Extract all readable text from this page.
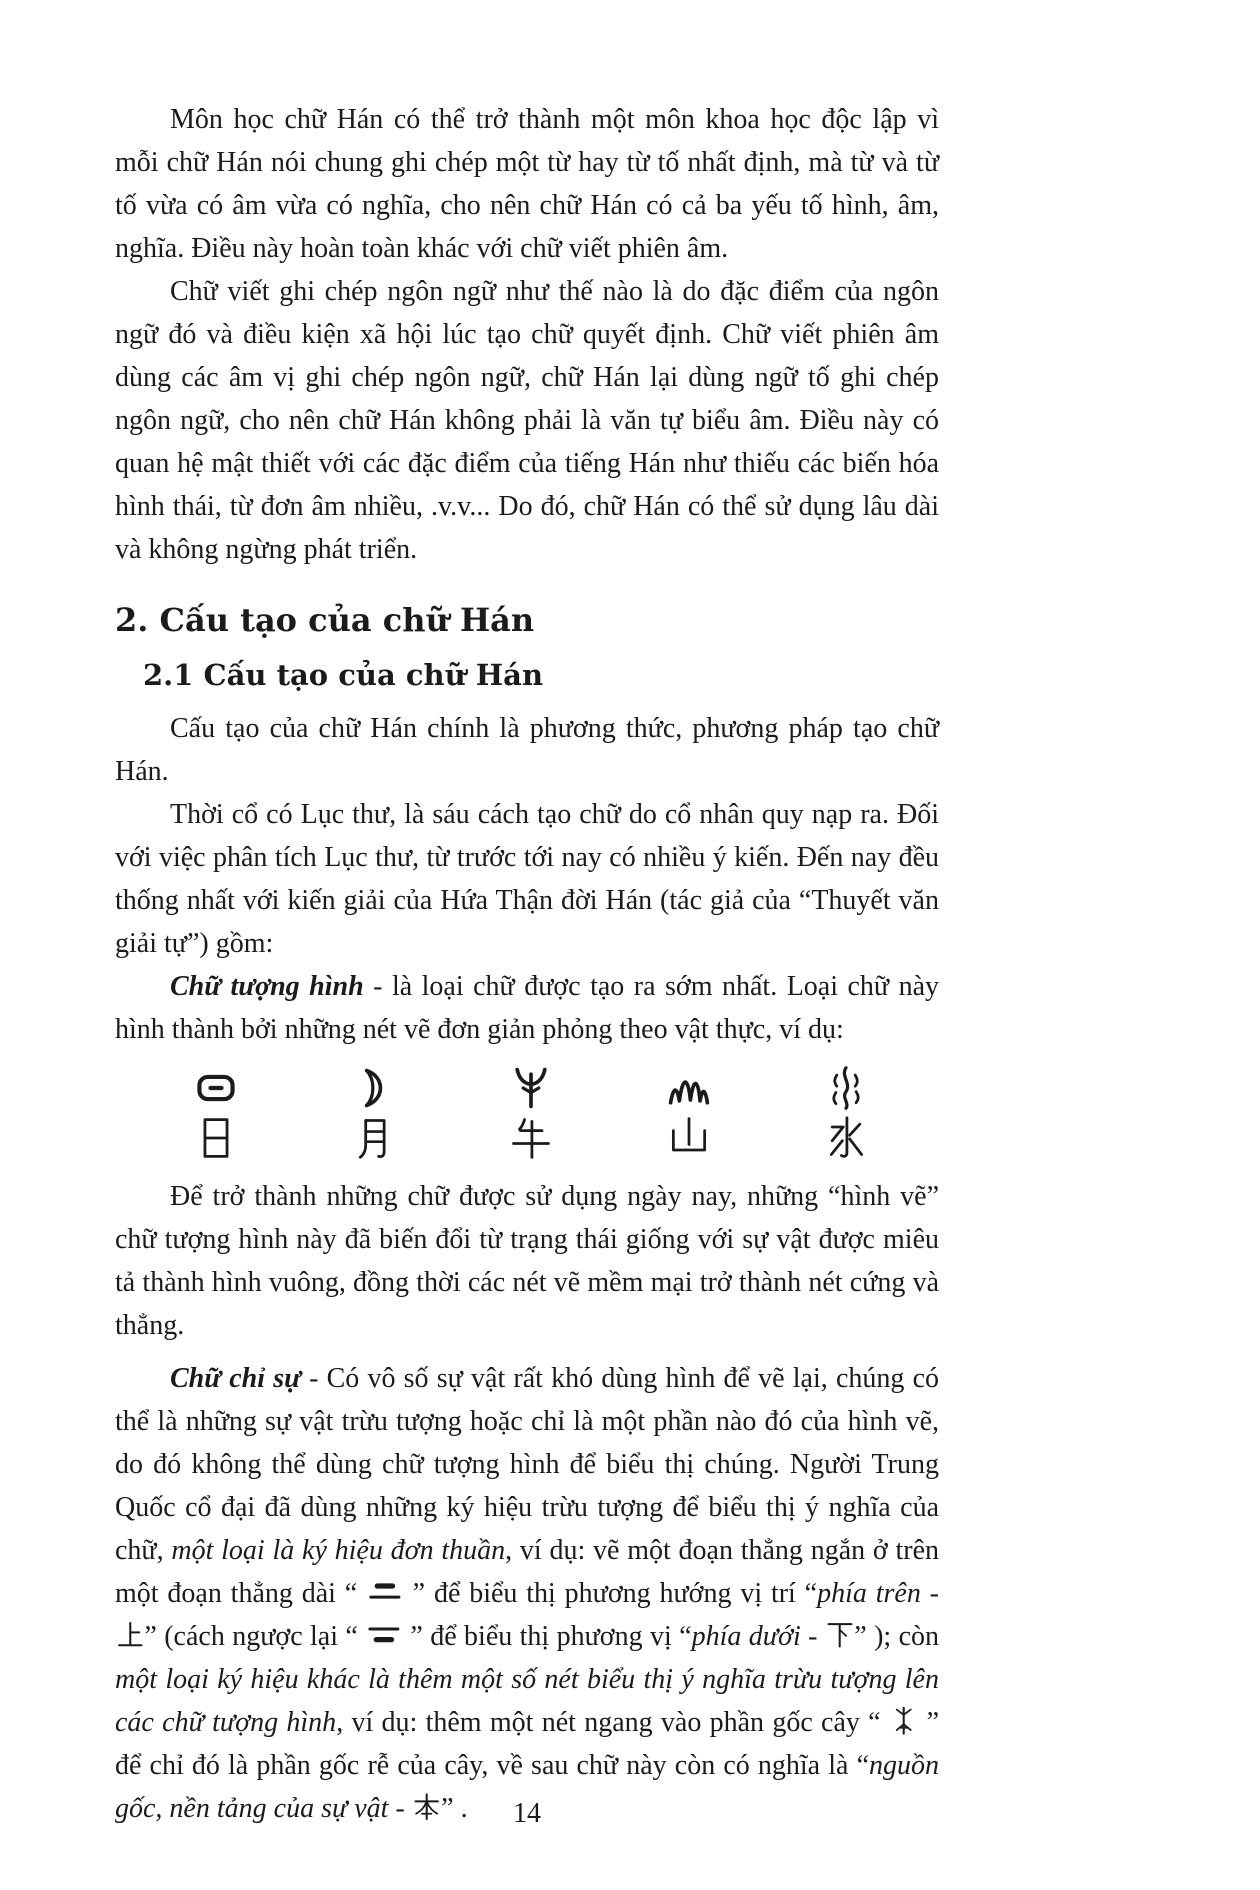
Môn học chữ Hán có thể trở thành một môn khoa học độc lập vì mỗi chữ Hán nói chung ghi chép một từ hay từ tố nhất định, mà từ và từ tố vừa có âm vừa có nghĩa, cho nên chữ Hán có cả ba yếu tố hình, âm, nghĩa. Điều này hoàn toàn khác với chữ viết phiên âm.

Chữ viết ghi chép ngôn ngữ như thế nào là do đặc điểm của ngôn ngữ đó và điều kiện xã hội lúc tạo chữ quyết định. Chữ viết phiên âm dùng các âm vị ghi chép ngôn ngữ, chữ Hán lại dùng ngữ tố ghi chép ngôn ngữ, cho nên chữ Hán không phải là văn tự biểu âm. Điều này có quan hệ mật thiết với các đặc điểm của tiếng Hán như thiếu các biến hóa hình thái, từ đơn âm nhiều, .v.v... Do đó, chữ Hán có thể sử dụng lâu dài và không ngừng phát triển.

2. Cấu tạo của chữ Hán
2.1 Cấu tạo của chữ Hán

Cấu tạo của chữ Hán chính là phương thức, phương pháp tạo chữ Hán.

Thời cổ có Lục thư, là sáu cách tạo chữ do cổ nhân quy nạp ra. Đối với việc phân tích Lục thư, từ trước tới nay có nhiều ý kiến. Đến nay đều thống nhất với kiến giải của Hứa Thận đời Hán (tác giả của “Thuyết văn giải tự”) gồm:

Chữ tượng hình - là loại chữ được tạo ra sớm nhất. Loại chữ này hình thành bởi những nét vẽ đơn giản phỏng theo vật thực, ví dụ:

Để trở thành những chữ được sử dụng ngày nay, những “hình vẽ” chữ tượng hình này đã biến đổi từ trạng thái giống với sự vật được miêu tả thành hình vuông, đồng thời các nét vẽ mềm mại trở thành nét cứng và thẳng.

Chữ chỉ sự - Có vô số sự vật rất khó dùng hình để vẽ lại, chúng có thể là những sự vật trừu tượng hoặc chỉ là một phần nào đó của hình vẽ, do đó không thể dùng chữ tượng hình để biểu thị chúng. Người Trung Quốc cổ đại đã dùng những ký hiệu trừu tượng để biểu thị ý nghĩa của chữ, một loại là ký hiệu đơn thuần, ví dụ: vẽ một đoạn thẳng ngắn ở trên một đoạn thẳng dài “
” để biểu thị phương hướng vị trí “phía trên -
” (cách ngược lại “
” để biểu thị phương vị “phía dưới -
” ); còn một loại ký hiệu khác là thêm một số nét biểu thị ý nghĩa trừu tượng lên các chữ tượng hình, ví dụ: thêm một nét ngang vào phần gốc cây “
” để chỉ đó là phần gốc rễ của cây, về sau chữ này còn có nghĩa là “nguồn gốc, nền tảng của sự vật -
” .	14
